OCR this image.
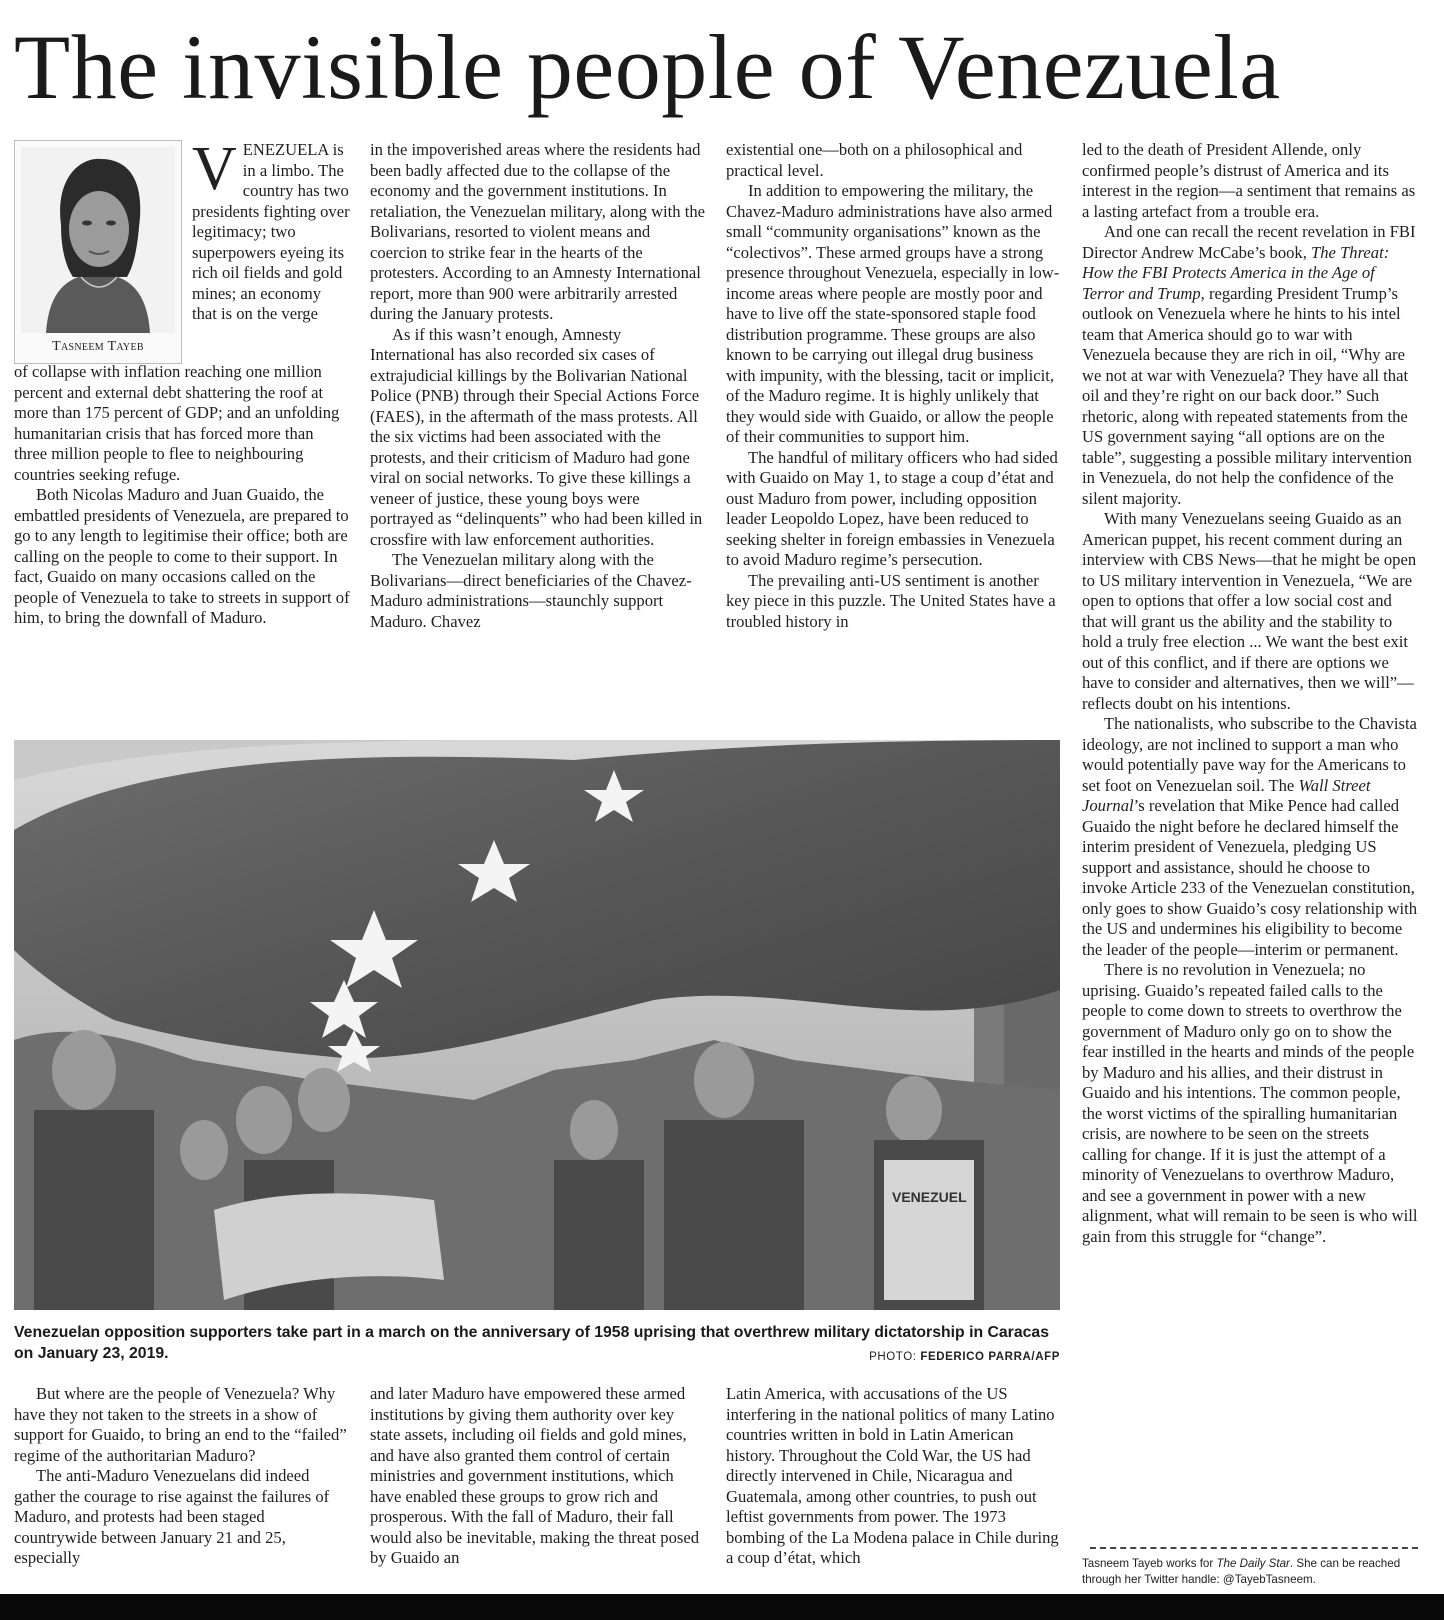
The invisible people of Venezuela
Tasneem Tayeb
VENEZUELA is in a limbo. The country has two presidents fighting over legitimacy; two superpowers eyeing its rich oil fields and gold mines; an economy that is on the verge

of collapse with inflation reaching one million percent and external debt shattering the roof at more than 175 percent of GDP; and an unfolding humanitarian crisis that has forced more than three million people to flee to neighbouring countries seeking refuge.

Both Nicolas Maduro and Juan Guaido, the embattled presidents of Venezuela, are prepared to go to any length to legitimise their office; both are calling on the people to come to their support. In fact, Guaido on many occasions called on the people of Venezuela to take to streets in support of him, to bring the downfall of Maduro.

in the impoverished areas where the residents had been badly affected due to the collapse of the economy and the government institutions. In retaliation, the Venezuelan military, along with the Bolivarians, resorted to violent means and coercion to strike fear in the hearts of the protesters. According to an Amnesty International report, more than 900 were arbitrarily arrested during the January protests.

As if this wasn’t enough, Amnesty International has also recorded six cases of extrajudicial killings by the Bolivarian National Police (PNB) through their Special Actions Force (FAES), in the aftermath of the mass protests. All the six victims had been associated with the protests, and their criticism of Maduro had gone viral on social networks. To give these killings a veneer of justice, these young boys were portrayed as “delinquents” who had been killed in crossfire with law enforcement authorities.

The Venezuelan military along with the Bolivarians—direct beneficiaries of the Chavez-Maduro administrations—staunchly support Maduro. Chavez

existential one—both on a philosophical and practical level.

In addition to empowering the military, the Chavez-Maduro administrations have also armed small “community organisations” known as the “colectivos”. These armed groups have a strong presence throughout Venezuela, especially in low-income areas where people are mostly poor and have to live off the state-sponsored staple food distribution programme. These groups are also known to be carrying out illegal drug business with impunity, with the blessing, tacit or implicit, of the Maduro regime. It is highly unlikely that they would side with Guaido, or allow the people of their communities to support him.

The handful of military officers who had sided with Guaido on May 1, to stage a coup d’état and oust Maduro from power, including opposition leader Leopoldo Lopez, have been reduced to seeking shelter in foreign embassies in Venezuela to avoid Maduro regime’s persecution.

The prevailing anti-US sentiment is another key piece in this puzzle. The United States have a troubled history in

led to the death of President Allende, only confirmed people’s distrust of America and its interest in the region—a sentiment that remains as a lasting artefact from a trouble era.

And one can recall the recent revelation in FBI Director Andrew McCabe’s book, The Threat: How the FBI Protects America in the Age of Terror and Trump, regarding President Trump’s outlook on Venezuela where he hints to his intel team that America should go to war with Venezuela because they are rich in oil, “Why are we not at war with Venezuela? They have all that oil and they’re right on our back door.” Such rhetoric, along with repeated statements from the US government saying “all options are on the table”, suggesting a possible military intervention in Venezuela, do not help the confidence of the silent majority.

With many Venezuelans seeing Guaido as an American puppet, his recent comment during an interview with CBS News—that he might be open to US military intervention in Venezuela, “We are open to options that offer a low social cost and that will grant us the ability and the stability to hold a truly free election ... We want the best exit out of this conflict, and if there are options we have to consider and alternatives, then we will”—reflects doubt on his intentions.

The nationalists, who subscribe to the Chavista ideology, are not inclined to support a man who would potentially pave way for the Americans to set foot on Venezuelan soil. The Wall Street Journal’s revelation that Mike Pence had called Guaido the night before he declared himself the interim president of Venezuela, pledging US support and assistance, should he choose to invoke Article 233 of the Venezuelan constitution, only goes to show Guaido’s cosy relationship with the US and undermines his eligibility to become the leader of the people—interim or permanent.

There is no revolution in Venezuela; no uprising. Guaido’s repeated failed calls to the people to come down to streets to overthrow the government of Maduro only go on to show the fear instilled in the hearts and minds of the people by Maduro and his allies, and their distrust in Guaido and his intentions. The common people, the worst victims of the spiralling humanitarian crisis, are nowhere to be seen on the streets calling for change. If it is just the attempt of a minority of Venezuelans to overthrow Maduro, and see a government in power with a new alignment, what will remain to be seen is who will gain from this struggle for “change”.

VENEZUEL
Venezuelan opposition supporters take part in a march on the anniversary of 1958 uprising that overthrew military dictatorship in Caracas on January 23, 2019.	PHOTO: FEDERICO PARRA/AFP

But where are the people of Venezuela? Why have they not taken to the streets in a show of support for Guaido, to bring an end to the “failed” regime of the authoritarian Maduro?

The anti-Maduro Venezuelans did indeed gather the courage to rise against the failures of Maduro, and protests had been staged countrywide between January 21 and 25, especially

and later Maduro have empowered these armed institutions by giving them authority over key state assets, including oil fields and gold mines, and have also granted them control of certain ministries and government institutions, which have enabled these groups to grow rich and prosperous. With the fall of Maduro, their fall would also be inevitable, making the threat posed by Guaido an

Latin America, with accusations of the US interfering in the national politics of many Latino countries written in bold in Latin American history. Throughout the Cold War, the US had directly intervened in Chile, Nicaragua and Guatemala, among other countries, to push out leftist governments from power. The 1973 bombing of the La Modena palace in Chile during a coup d’état, which	Tasneem Tayeb works for The Daily Star. She can be reached through her Twitter handle: @TayebTasneem.
